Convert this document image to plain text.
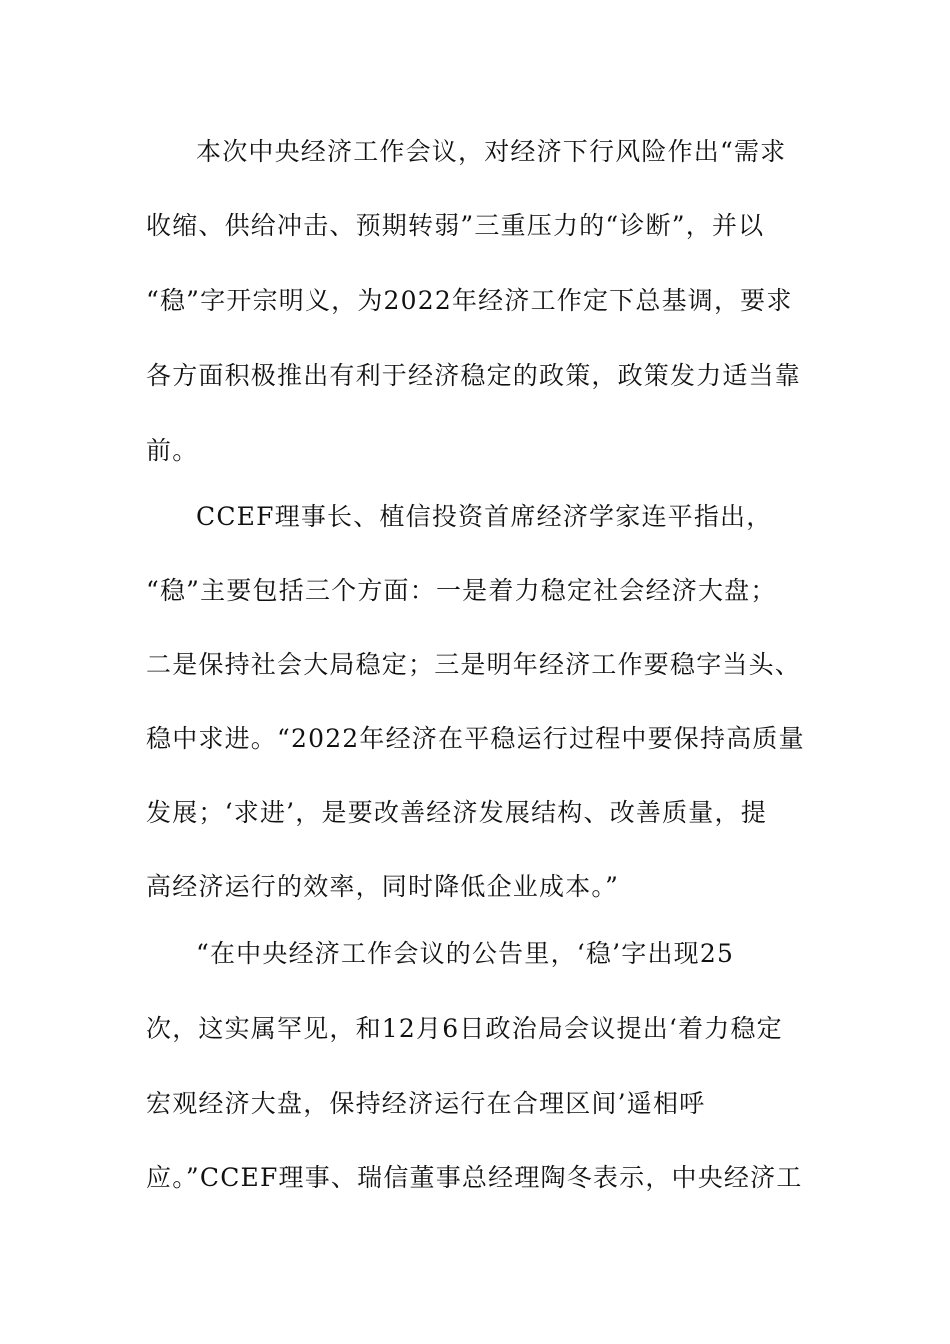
本次中央经济工作会议，对经济下行风险作出“需求
收缩、供给冲击、预期转弱”三重压力的“诊断”，并以
“稳”字开宗明义，为2022年经济工作定下总基调，要求
各方面积极推出有利于经济稳定的政策，政策发力适当靠
前。
CCEF理事长、植信投资首席经济学家连平指出，
“稳”主要包括三个方面：一是着力稳定社会经济大盘；
二是保持社会大局稳定；三是明年经济工作要稳字当头、
稳中求进。“2022年经济在平稳运行过程中要保持高质量
发展；‘求进’，是要改善经济发展结构、改善质量，提
高经济运行的效率，同时降低企业成本。”
“在中央经济工作会议的公告里，‘稳’字出现25
次，这实属罕见，和12月6日政治局会议提出‘着力稳定
宏观经济大盘，保持经济运行在合理区间’遥相呼
应。”CCEF理事、瑞信董事总经理陶冬表示，中央经济工
